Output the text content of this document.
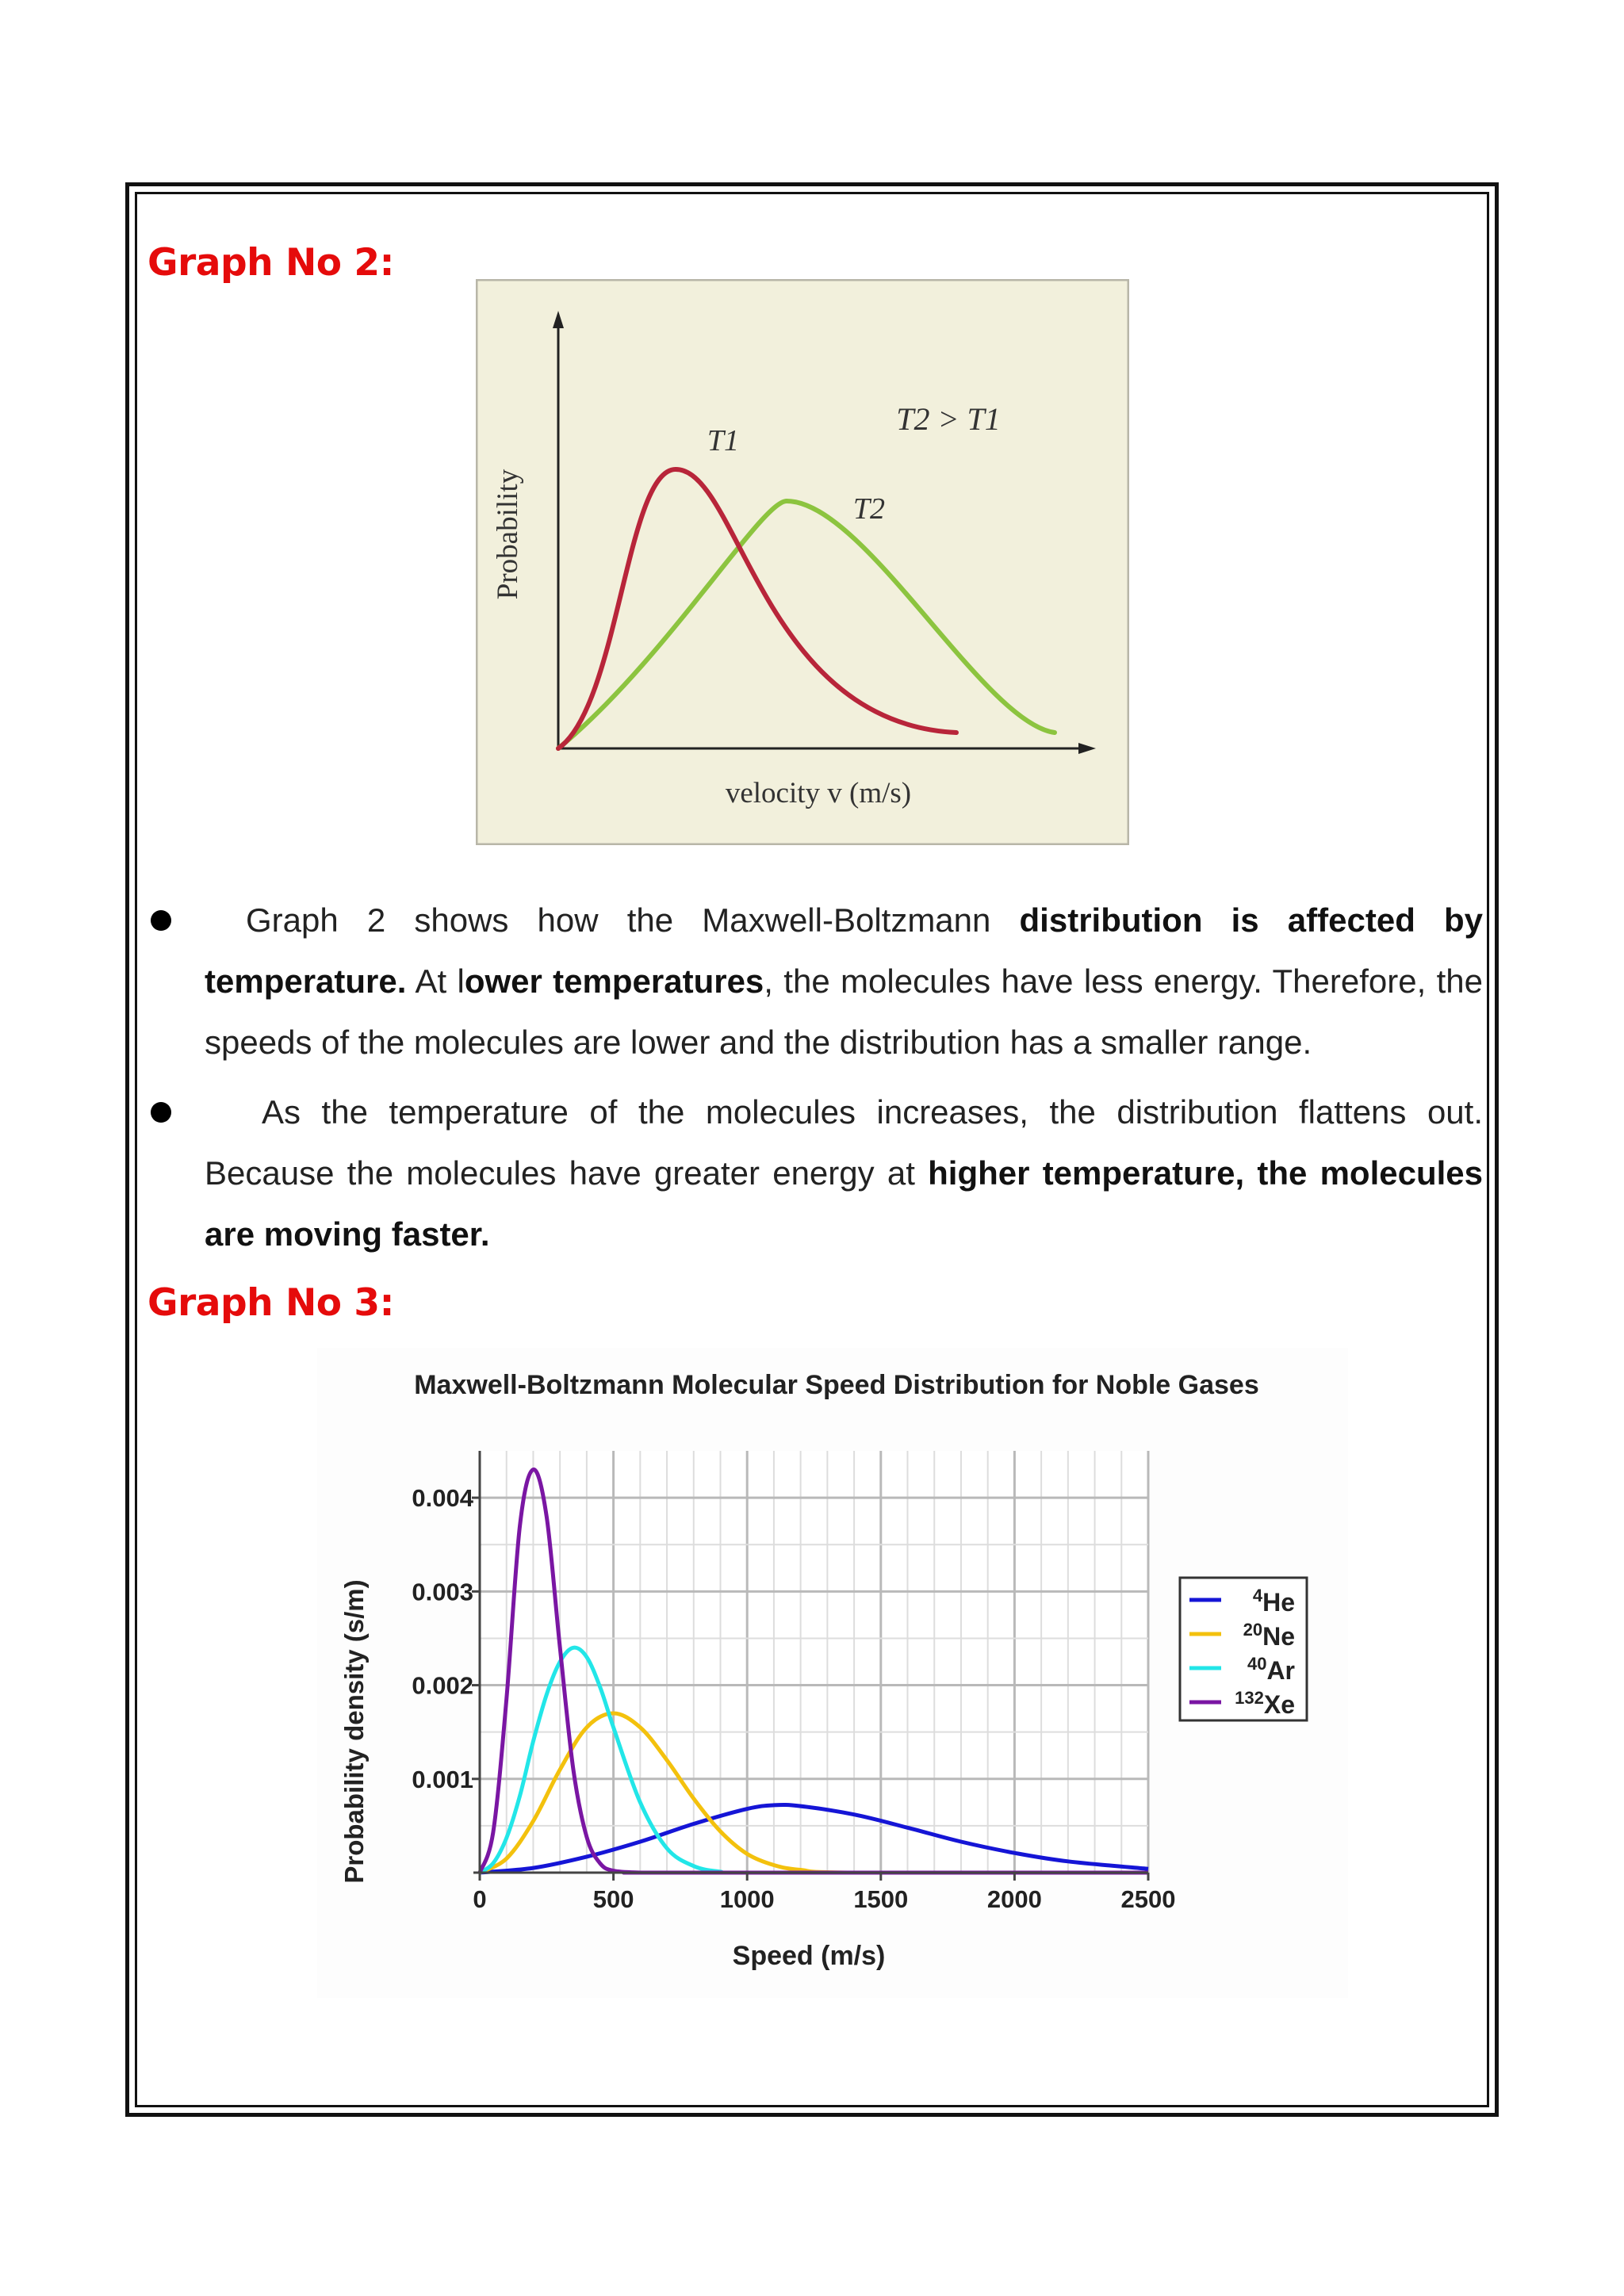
Graph No 2:
Probability
velocity v (m/s)
T1
T2
T2 > T1

Graph 2 shows how the Maxwell-Boltzmann distribution is affected by temperature. At lower temperatures, the molecules have less energy. Therefore, the speeds of the molecules are lower and the distribution has a smaller range.

As the temperature of the molecules increases, the distribution flattens out. Because the molecules have greater energy at higher temperature, the molecules are moving faster.

Graph No 3:
Maxwell-Boltzmann Molecular Speed Distribution for Noble Gases
Probability density (s/m)
Speed (m/s)
0	500	1000	1500	2000	2500
0.001
0.002
0.003
0.004
$^4$He
$^{20}$Ne
$^{40}$Ar
$^{132}$Xe
